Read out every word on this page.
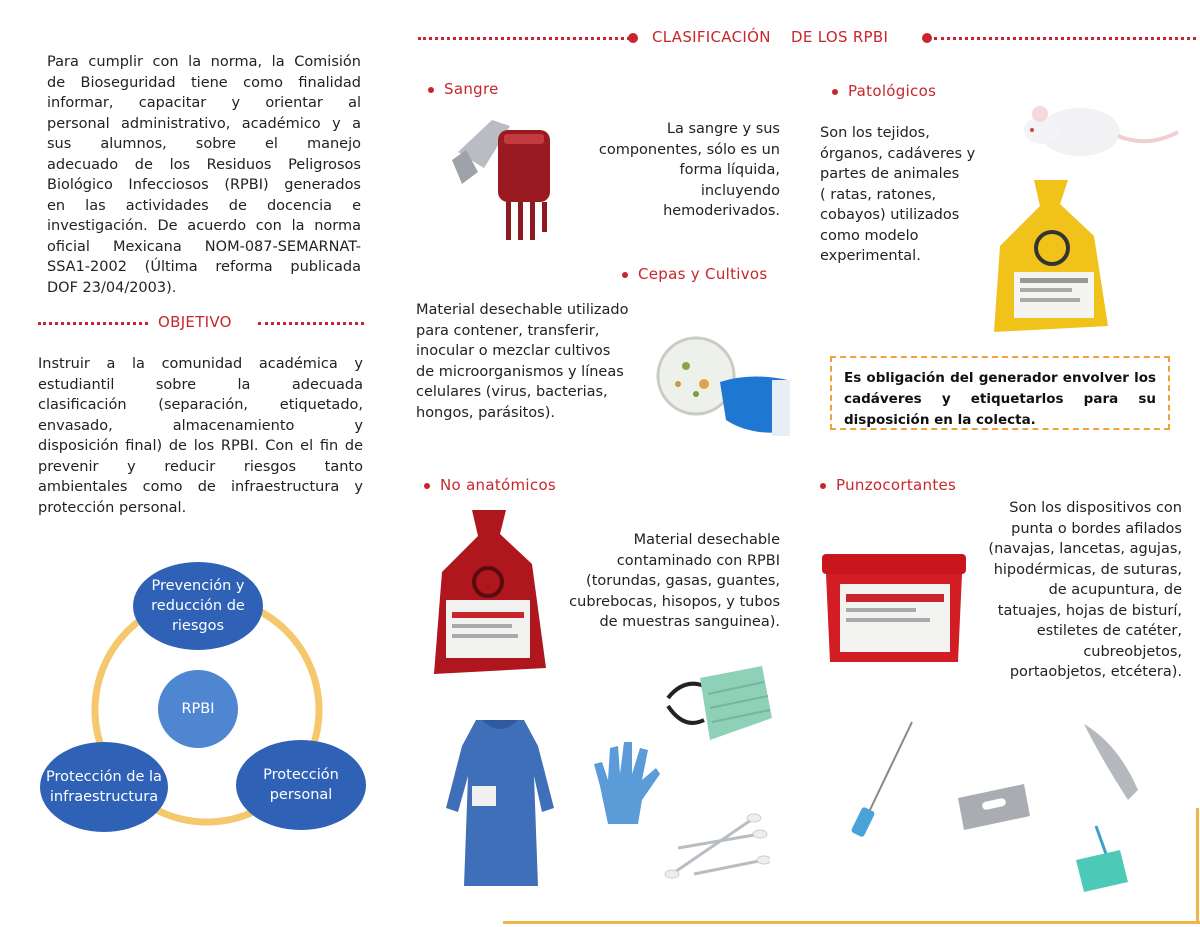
Para cumplir con la norma, la Comisión
de Bioseguridad tiene como finalidad
informar, capacitar y orientar al
personal administrativo, académico y a
sus alumnos, sobre el manejo
adecuado de los Residuos Peligrosos
Biológico Infecciosos (RPBI) generados
en las actividades de docencia e
investigación. De acuerdo con la norma
oficial Mexicana NOM-087-SEMARNAT-
SSA1-2002 (Última reforma publicada
DOF 23/04/2003).
OBJETIVO
Instruir a la comunidad académica y
estudiantil sobre la adecuada
clasificación (separación, etiquetado,
envasado, almacenamiento y
disposición final) de los RPBI. Con el fin de
prevenir y reducir riesgos tanto
ambientales como de infraestructura y
protección personal.
RPBI
Prevención y reducción de riesgos
Protección de la infraestructura
Protección personal
CLASIFICACIÓN DE LOS RPBI
Sangre
La sangre y sus
componentes, sólo es un
forma líquida,
incluyendo
hemoderivados.
Cepas y Cultivos
Material desechable utilizado
para contener, transferir,
inocular o mezclar cultivos
de microorganismos y líneas
celulares (virus, bacterias,
hongos, parásitos).
Patológicos
Son los tejidos,
órganos, cadáveres y
partes de animales
( ratas, ratones,
cobayos) utilizados
como modelo
experimental.
Es obligación del generador envolver los cadáveres y etiquetarlos para su disposición en la colecta.
No anatómicos
Material desechable
contaminado con RPBI
(torundas, gasas, guantes,
cubrebocas, hisopos, y tubos
de muestras sanguinea).
Punzocortantes
Son los dispositivos con
punta o bordes afilados
(navajas, lancetas, agujas,
hipodérmicas, de suturas,
de acupuntura, de
tatuajes, hojas de bisturí,
estiletes de catéter,
cubreobjetos,
portaobjetos, etcétera).
